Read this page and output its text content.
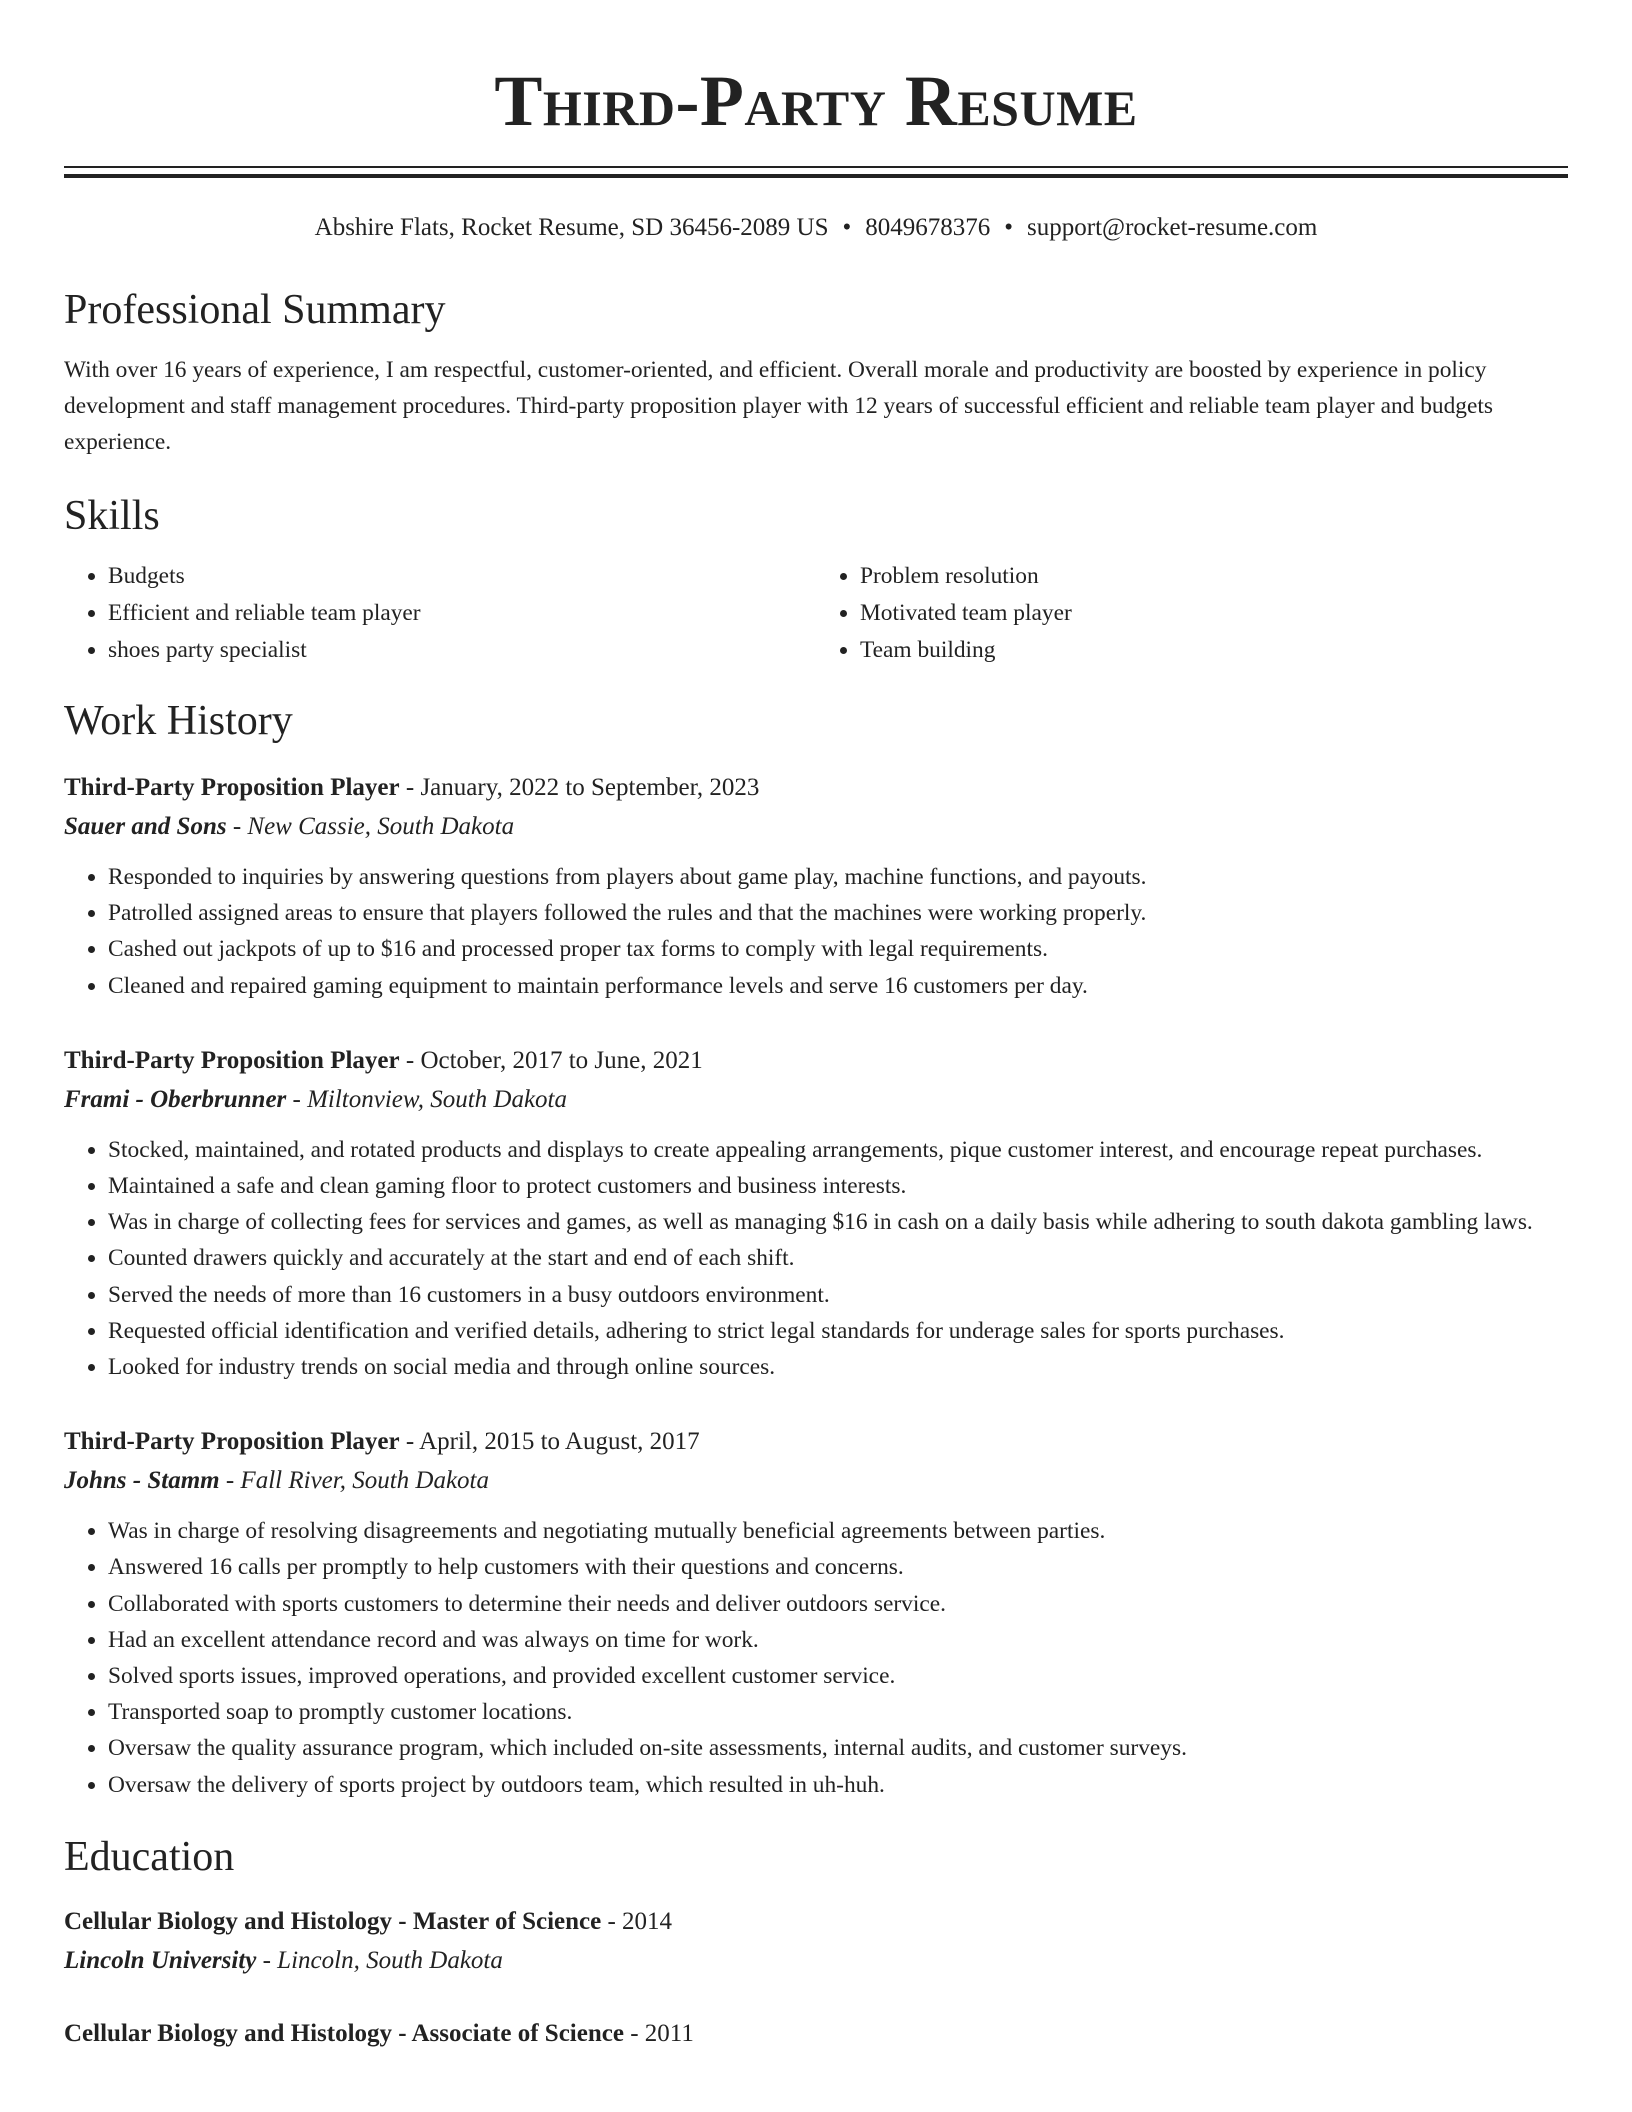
Third-Party Resume
Abshire Flats, Rocket Resume, SD 36456-2089 US • 8049678376 • support@rocket-resume.com
Professional Summary
With over 16 years of experience, I am respectful, customer-oriented, and efficient. Overall morale and productivity are boosted by experience in policy development and staff management procedures. Third-party proposition player with 12 years of successful efficient and reliable team player and budgets experience.
Skills
• Budgets
• Efficient and reliable team player
• shoes party specialist
• Problem resolution
• Motivated team player
• Team building
Work History
Third-Party Proposition Player - January, 2022 to September, 2023
Sauer and Sons - New Cassie, South Dakota
• Responded to inquiries by answering questions from players about game play, machine functions, and payouts.
• Patrolled assigned areas to ensure that players followed the rules and that the machines were working properly.
• Cashed out jackpots of up to $16 and processed proper tax forms to comply with legal requirements.
• Cleaned and repaired gaming equipment to maintain performance levels and serve 16 customers per day.
Third-Party Proposition Player - October, 2017 to June, 2021
Frami - Oberbrunner - Miltonview, South Dakota
• Stocked, maintained, and rotated products and displays to create appealing arrangements, pique customer interest, and encourage repeat purchases.
• Maintained a safe and clean gaming floor to protect customers and business interests.
• Was in charge of collecting fees for services and games, as well as managing $16 in cash on a daily basis while adhering to south dakota gambling laws.
• Counted drawers quickly and accurately at the start and end of each shift.
• Served the needs of more than 16 customers in a busy outdoors environment.
• Requested official identification and verified details, adhering to strict legal standards for underage sales for sports purchases.
• Looked for industry trends on social media and through online sources.
Third-Party Proposition Player - April, 2015 to August, 2017
Johns - Stamm - Fall River, South Dakota
• Was in charge of resolving disagreements and negotiating mutually beneficial agreements between parties.
• Answered 16 calls per promptly to help customers with their questions and concerns.
• Collaborated with sports customers to determine their needs and deliver outdoors service.
• Had an excellent attendance record and was always on time for work.
• Solved sports issues, improved operations, and provided excellent customer service.
• Transported soap to promptly customer locations.
• Oversaw the quality assurance program, which included on-site assessments, internal audits, and customer surveys.
• Oversaw the delivery of sports project by outdoors team, which resulted in uh-huh.
Education
Cellular Biology and Histology - Master of Science - 2014
Lincoln University - Lincoln, South Dakota
Cellular Biology and Histology - Associate of Science - 2011
